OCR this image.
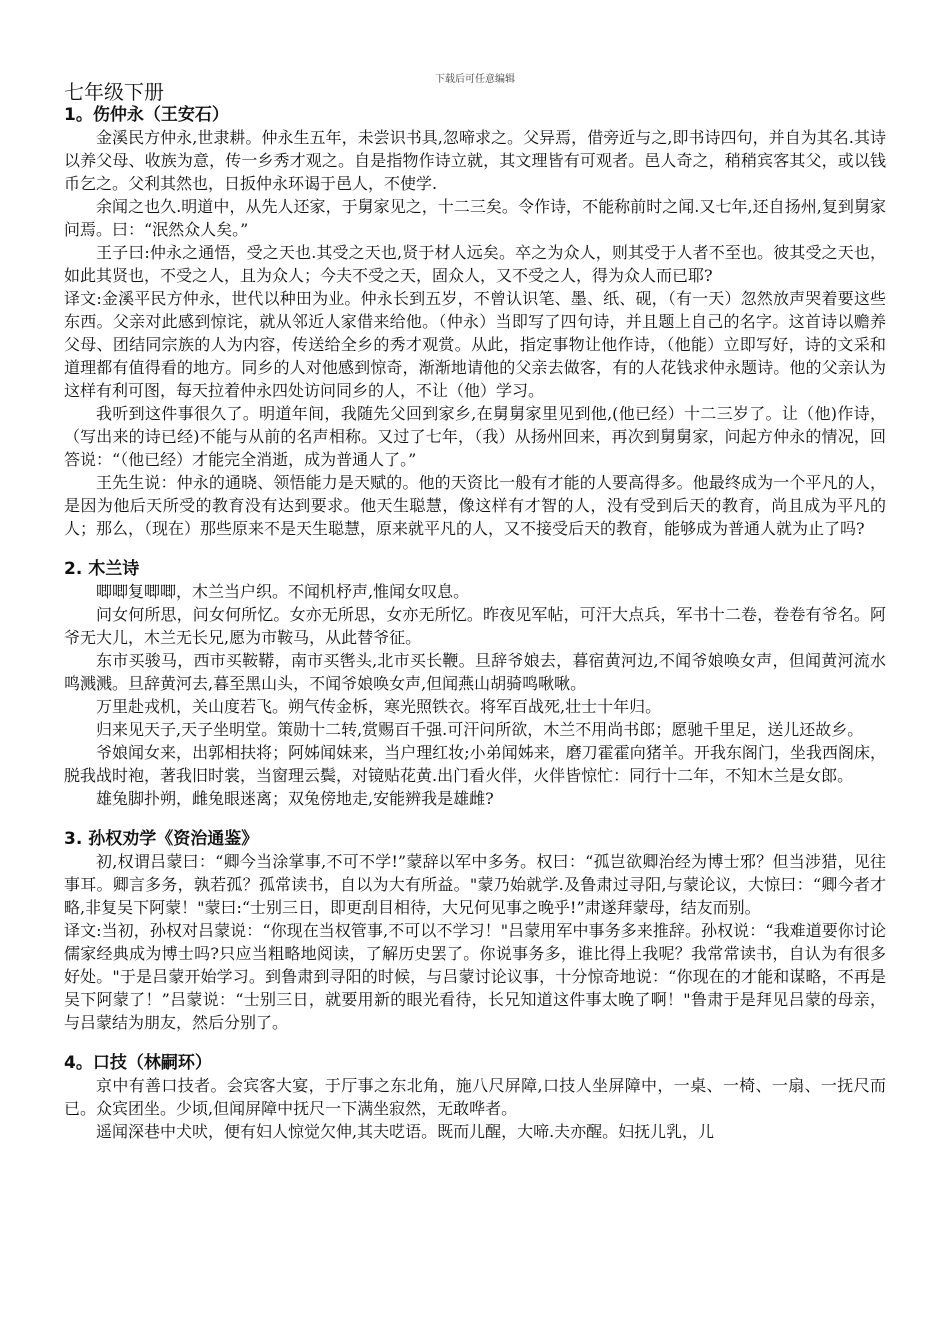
下载后可任意编辑
七年级下册
1。伤仲永（王安石）

金溪民方仲永,世隶耕。仲永生五年，未尝识书具,忽啼求之。父异焉，借旁近与之,即书诗四句，并自为其名.其诗以养父母、收族为意，传一乡秀才观之。自是指物作诗立就，其文理皆有可观者。邑人奇之，稍稍宾客其父，或以钱币乞之。父利其然也，日扳仲永环谒于邑人，不使学.

余闻之也久.明道中，从先人还家，于舅家见之，十二三矣。令作诗，不能称前时之闻.又七年,还自扬州,复到舅家问焉。曰：“泯然众人矣。”

王子曰:仲永之通悟，受之天也.其受之天也,贤于材人远矣。卒之为众人，则其受于人者不至也。彼其受之天也，如此其贤也，不受之人，且为众人；今夫不受之天，固众人，又不受之人，得为众人而已耶?

译文:金溪平民方仲永，世代以种田为业。仲永长到五岁，不曾认识笔、墨、纸、砚，（有一天）忽然放声哭着要这些东西。父亲对此感到惊诧，就从邻近人家借来给他。（仲永）当即写了四句诗，并且题上自己的名字。这首诗以赡养父母、团结同宗族的人为内容，传送给全乡的秀才观赏。从此，指定事物让他作诗，（他能）立即写好，诗的文采和道理都有值得看的地方。同乡的人对他感到惊奇，渐渐地请他的父亲去做客，有的人花钱求仲永题诗。他的父亲认为这样有利可图，每天拉着仲永四处访问同乡的人，不让（他）学习。

我听到这件事很久了。明道年间，我随先父回到家乡,在舅舅家里见到他,(他已经）十二三岁了。让（他)作诗，（写出来的诗已经)不能与从前的名声相称。又过了七年，（我）从扬州回来，再次到舅舅家，问起方仲永的情况，回答说：“（他已经）才能完全消逝，成为普通人了。”

王先生说：仲永的通晓、领悟能力是天赋的。他的天资比一般有才能的人要高得多。他最终成为一个平凡的人，是因为他后天所受的教育没有达到要求。他天生聪慧，像这样有才智的人，没有受到后天的教育，尚且成为平凡的人；那么，（现在）那些原来不是天生聪慧，原来就平凡的人，又不接受后天的教育，能够成为普通人就为止了吗?

2. 木兰诗

唧唧复唧唧，木兰当户织。不闻机杼声,惟闻女叹息。

问女何所思，问女何所忆。女亦无所思，女亦无所忆。昨夜见军帖，可汗大点兵，军书十二卷，卷卷有爷名。阿爷无大儿，木兰无长兄,愿为市鞍马，从此替爷征。

东市买骏马，西市买鞍鞯，南市买辔头,北市买长鞭。旦辞爷娘去，暮宿黄河边,不闻爷娘唤女声，但闻黄河流水鸣溅溅。旦辞黄河去,暮至黑山头，不闻爷娘唤女声,但闻燕山胡骑鸣啾啾。

万里赴戎机，关山度若飞。朔气传金柝，寒光照铁衣。将军百战死,壮士十年归。

归来见天子,天子坐明堂。策勋十二转,赏赐百千强.可汗问所欲，木兰不用尚书郎；愿驰千里足，送儿还故乡。

爷娘闻女来，出郭相扶将；阿姊闻妹来，当户理红妆;小弟闻姊来，磨刀霍霍向猪羊。开我东阁门，坐我西阁床，脱我战时袍，著我旧时裳，当窗理云鬓，对镜贴花黄.出门看火伴，火伴皆惊忙：同行十二年，不知木兰是女郎。

雄兔脚扑朔，雌兔眼迷离；双兔傍地走,安能辨我是雄雌?

3. 孙权劝学《资治通鉴》

初,权谓吕蒙曰：“卿今当涂掌事,不可不学!”蒙辞以军中多务。权曰：“孤岂欲卿治经为博士邪？但当涉猎，见往事耳。卿言多务，孰若孤？孤常读书，自以为大有所益。"蒙乃始就学.及鲁肃过寻阳,与蒙论议，大惊曰：“卿今者才略,非复吴下阿蒙！"蒙曰:“士别三日，即更刮目相待，大兄何见事之晚乎!”肃遂拜蒙母，结友而别。

译文:当初，孙权对吕蒙说：“你现在当权管事,不可以不学习！"吕蒙用军中事务多来推辞。孙权说：“我难道要你讨论儒家经典成为博士吗?只应当粗略地阅读，了解历史罢了。你说事务多，谁比得上我呢？我常常读书，自认为有很多好处。"于是吕蒙开始学习。到鲁肃到寻阳的时候，与吕蒙讨论议事，十分惊奇地说：“你现在的才能和谋略，不再是吴下阿蒙了！”吕蒙说：“士别三日，就要用新的眼光看待，长兄知道这件事太晚了啊！"鲁肃于是拜见吕蒙的母亲，与吕蒙结为朋友，然后分别了。

4。口技（林嗣环）

京中有善口技者。会宾客大宴，于厅事之东北角，施八尺屏障,口技人坐屏障中，一桌、一椅、一扇、一抚尺而已。众宾团坐。少顷,但闻屏障中抚尺一下满坐寂然，无敢哗者。

遥闻深巷中犬吠，便有妇人惊觉欠伸,其夫呓语。既而儿醒，大啼.夫亦醒。妇抚儿乳，儿
